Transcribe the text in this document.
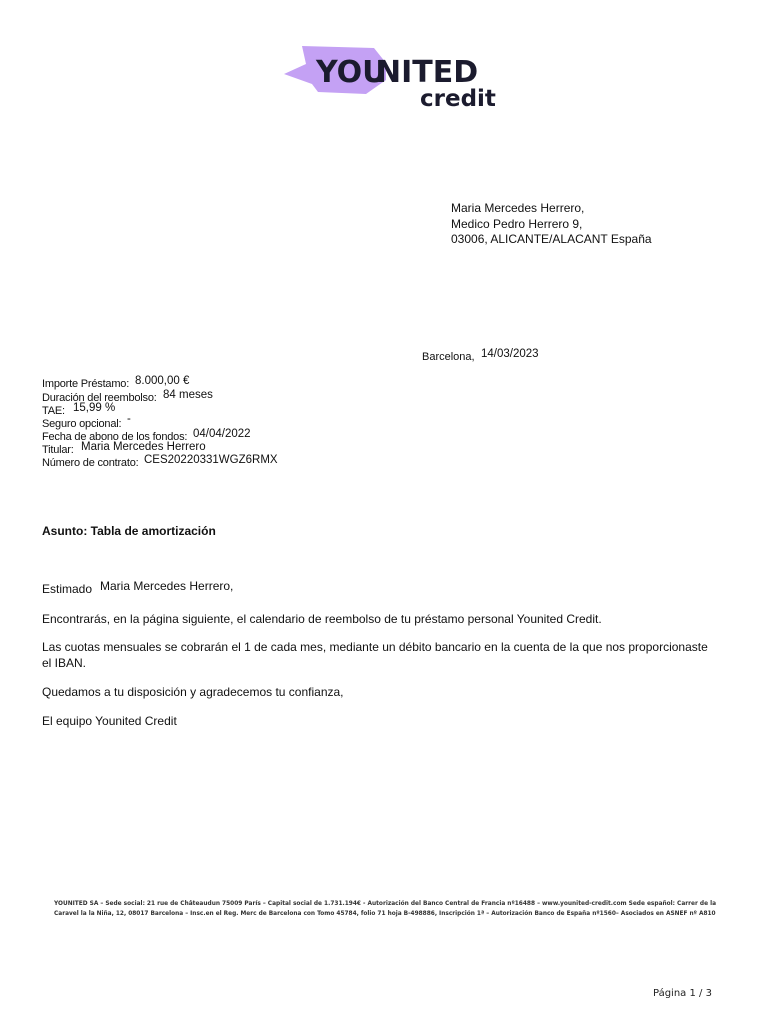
YOU
NITED
credit
Maria Mercedes Herrero,
Medico Pedro Herrero 9,
03006, ALICANTE/ALACANT España
Barcelona, 14/03/2023
Importe Préstamo: 8.000,00 €
Duración del reembolso: 84 meses
TAE: 15,99 %
Seguro opcional: -
Fecha de abono de los fondos: 04/04/2022
Titular: Maria Mercedes Herrero
Número de contrato: CES20220331WGZ6RMX
Asunto: Tabla de amortización
Estimado Maria Mercedes Herrero,
Encontrarás, en la página siguiente, el calendario de reembolso de tu préstamo personal Younited Credit.
Las cuotas mensuales se cobrarán el 1 de cada mes, mediante un débito bancario en la cuenta de la que nos proporcionaste
el IBAN.
Quedamos a tu disposición y agradecemos tu confianza,
El equipo Younited Credit
YOUNITED SA – Sede social: 21 rue de Châteaudun 75009 París – Capital social de 1.731.194€ - Autorización del Banco Central de Francia nº16488 – www.younited-credit.com Sede español: Carrer de la
Caravel la la Niña, 12, 08017 Barcelona – Insc.en el Reg. Merc de Barcelona con Tomo 45784, folio 71 hoja B-498886, Inscripción 1ª – Autorización Banco de España nº1560– Asociados en ASNEF nº A810
Página 1 / 3
